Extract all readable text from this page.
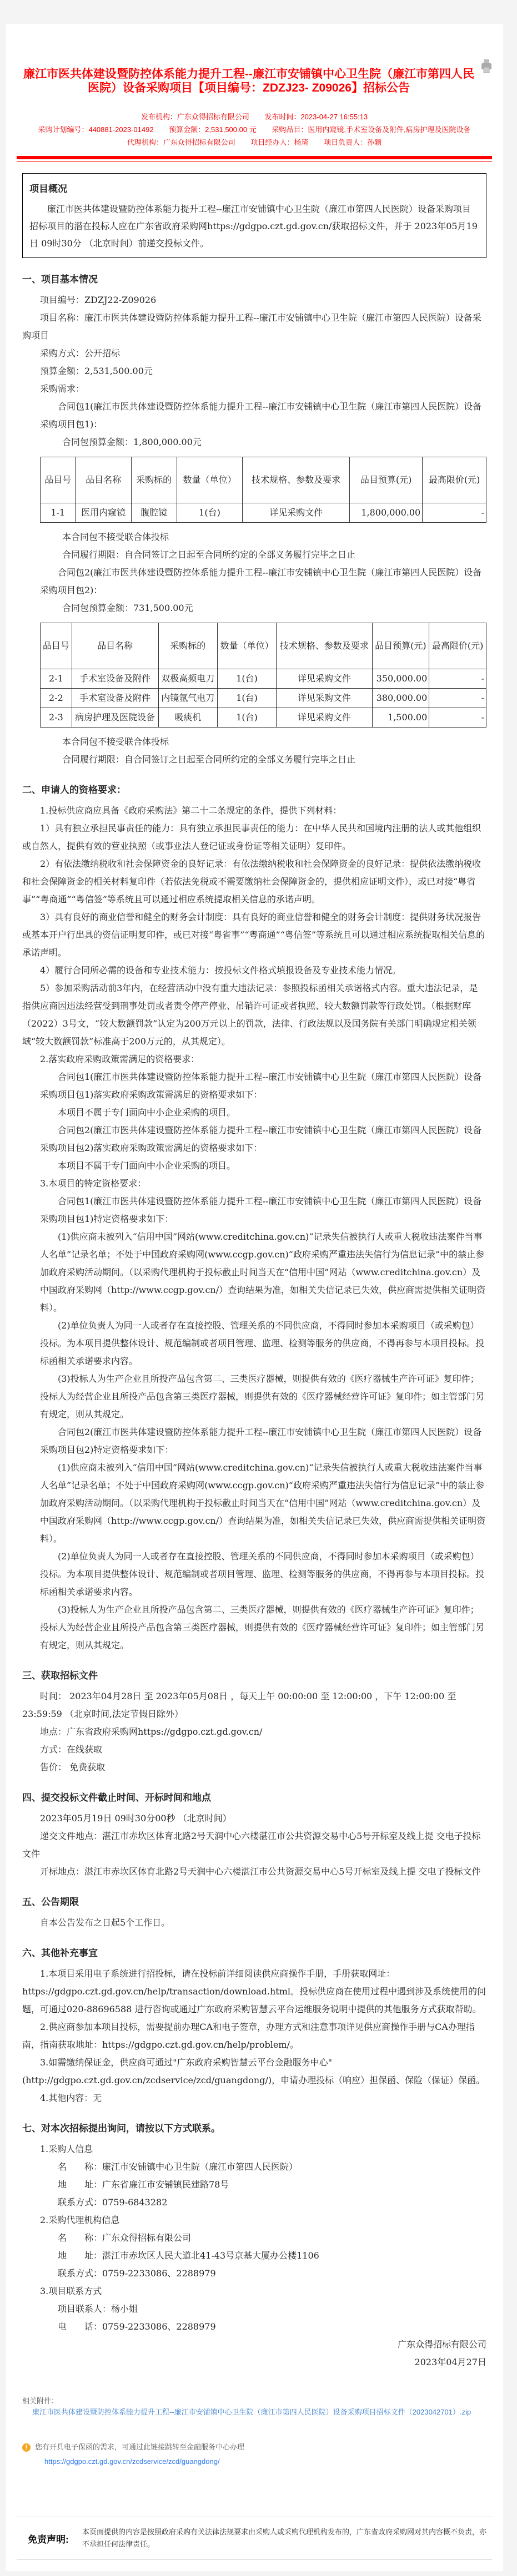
廉江市医共体建设暨防控体系能力提升工程--廉江市安铺镇中心卫生院（廉江市第四人民医院）设备采购项目【项目编号：ZDZJ23- Z09026】招标公告
发布机构：广东众得招标有限公司 发布时间：2023-04-27 16:55:13
采购计划编号：440881-2023-01492 预算金额：2,531,500.00 元 采购品目：医用内窥镜,手术室设备及附件,病房护理及医院设备
代理机构：广东众得招标有限公司 项目经办人：杨琦 项目负责人：孙颖
项目概况

廉江市医共体建设暨防控体系能力提升工程--廉江市安铺镇中心卫生院（廉江市第四人民医院）设备采购项目招标项目的潜在投标人应在广东省政府采购网https://gdgpo.czt.gd.gov.cn/获取招标文件，并于 2023年05月19日 09时30分 （北京时间）前递交投标文件。

一、项目基本情况

项目编号：ZDZJ22-Z09026

项目名称：廉江市医共体建设暨防控体系能力提升工程--廉江市安铺镇中心卫生院（廉江市第四人民医院）设备采购项目

采购方式：公开招标

预算金额：2,531,500.00元

采购需求：

合同包1(廉江市医共体建设暨防控体系能力提升工程--廉江市安铺镇中心卫生院（廉江市第四人民医院）设备采购项目包1)：

合同包预算金额：1,800,000.00元

品目号	品目名称	采购标的	数量（单位）	技术规格、参数及要求	品目预算(元)	最高限价(元)
1-1	医用内窥镜	腹腔镜	1(台)	详见采购文件	1,800,000.00	-

本合同包不接受联合体投标

合同履行期限：自合同签订之日起至合同所约定的全部义务履行完毕之日止

合同包2(廉江市医共体建设暨防控体系能力提升工程--廉江市安铺镇中心卫生院（廉江市第四人民医院）设备采购项目包2)：

合同包预算金额：731,500.00元

品目号	品目名称	采购标的	数量（单位）	技术规格、参数及要求	品目预算(元)	最高限价(元)
2-1	手术室设备及附件	双极高频电刀	1(台)	详见采购文件	350,000.00	-
2-2	手术室设备及附件	内镜氩气电刀	1(台)	详见采购文件	380,000.00	-
2-3	病房护理及医院设备	吸痰机	1(台)	详见采购文件	1,500.00	-

本合同包不接受联合体投标

合同履行期限：自合同签订之日起至合同所约定的全部义务履行完毕之日止

二、申请人的资格要求：

1.投标供应商应具备《政府采购法》第二十二条规定的条件，提供下列材料：

1）具有独立承担民事责任的能力：具有独立承担民事责任的能力：在中华人民共和国境内注册的法人或其他组织或自然人，提供有效的营业执照（或事业法人登记证或身份证等相关证明）复印件。

2）有依法缴纳税收和社会保障资金的良好记录：有依法缴纳税收和社会保障资金的良好记录：提供依法缴纳税收和社会保障资金的相关材料复印件（若依法免税或不需要缴纳社会保障资金的，提供相应证明文件），或已对接“粤省事”“粤商通”“粤信签”等系统且可以通过相应系统提取相关信息的承诺声明。

3）具有良好的商业信誉和健全的财务会计制度：具有良好的商业信誉和健全的财务会计制度：提供财务状况报告或基本开户行出具的资信证明复印件，或已对接“粤省事”“粤商通”“粤信签”等系统且可以通过相应系统提取相关信息的承诺声明。

4）履行合同所必需的设备和专业技术能力：按投标文件格式填报设备及专业技术能力情况。

5）参加采购活动前3年内，在经营活动中没有重大违法记录：参照投标函相关承诺格式内容。重大违法记录，是指供应商因违法经营受到刑事处罚或者责令停产停业、吊销许可证或者执照、较大数额罚款等行政处罚。（根据财库（2022）3号文，“较大数额罚款”认定为200万元以上的罚款，法律、行政法规以及国务院有关部门明确规定相关领域“较大数额罚款”标准高于200万元的，从其规定）。

2.落实政府采购政策需满足的资格要求：

合同包1(廉江市医共体建设暨防控体系能力提升工程--廉江市安铺镇中心卫生院（廉江市第四人民医院）设备采购项目包1)落实政府采购政策需满足的资格要求如下：

本项目不属于专门面向中小企业采购的项目。

合同包2(廉江市医共体建设暨防控体系能力提升工程--廉江市安铺镇中心卫生院（廉江市第四人民医院）设备采购项目包2)落实政府采购政策需满足的资格要求如下：

本项目不属于专门面向中小企业采购的项目。

3.本项目的特定资格要求：

合同包1(廉江市医共体建设暨防控体系能力提升工程--廉江市安铺镇中心卫生院（廉江市第四人民医院）设备采购项目包1)特定资格要求如下：

(1)供应商未被列入“信用中国”网站(www.creditchina.gov.cn)“记录失信被执行人或重大税收违法案件当事人名单”记录名单；不处于中国政府采购网(www.ccgp.gov.cn)“政府采购严重违法失信行为信息记录”中的禁止参加政府采购活动期间。（以采购代理机构于投标截止时间当天在“信用中国”网站（www.creditchina.gov.cn）及中国政府采购网（http://www.ccgp.gov.cn/）查询结果为准，如相关失信记录已失效，供应商需提供相关证明资料）。

(2)单位负责人为同一人或者存在直接控股、管理关系的不同供应商，不得同时参加本采购项目（或采购包）投标。为本项目提供整体设计、规范编制或者项目管理、监理、检测等服务的供应商，不得再参与本项目投标。投标函相关承诺要求内容。

(3)投标人为生产企业且所投产品包含第二、三类医疗器械，则提供有效的《医疗器械生产许可证》复印件；投标人为经营企业且所投产品包含第三类医疗器械，则提供有效的《医疗器械经营许可证》复印件；如主管部门另有规定，则从其规定。

合同包2(廉江市医共体建设暨防控体系能力提升工程--廉江市安铺镇中心卫生院（廉江市第四人民医院）设备采购项目包2)特定资格要求如下：

(1)供应商未被列入“信用中国”网站(www.creditchina.gov.cn)“记录失信被执行人或重大税收违法案件当事人名单”记录名单；不处于中国政府采购网(www.ccgp.gov.cn)“政府采购严重违法失信行为信息记录”中的禁止参加政府采购活动期间。（以采购代理机构于投标截止时间当天在“信用中国”网站（www.creditchina.gov.cn）及中国政府采购网（http://www.ccgp.gov.cn/）查询结果为准，如相关失信记录已失效，供应商需提供相关证明资料）。

(2)单位负责人为同一人或者存在直接控股、管理关系的不同供应商，不得同时参加本采购项目（或采购包）投标。为本项目提供整体设计、规范编制或者项目管理、监理、检测等服务的供应商，不得再参与本项目投标。投标函相关承诺要求内容。

(3)投标人为生产企业且所投产品包含第二、三类医疗器械，则提供有效的《医疗器械生产许可证》复印件；投标人为经营企业且所投产品包含第三类医疗器械，则提供有效的《医疗器械经营许可证》复印件；如主管部门另有规定，则从其规定。

三、获取招标文件

时间： 2023年04月28日 至 2023年05月08日 ，每天上午 00:00:00 至 12:00:00 ，下午 12:00:00 至 23:59:59 （北京时间,法定节假日除外）

地点：广东省政府采购网https://gdgpo.czt.gd.gov.cn/

方式：在线获取

售价： 免费获取

四、提交投标文件截止时间、开标时间和地点

2023年05月19日 09时30分00秒 （北京时间）

递交文件地点：湛江市赤坎区体育北路2号天润中心六楼湛江市公共资源交易中心5号开标室及线上提 交电子投标文件

开标地点：湛江市赤坎区体育北路2号天润中心六楼湛江市公共资源交易中心5号开标室及线上提 交电子投标文件

五、公告期限

自本公告发布之日起5个工作日。

六、其他补充事宜

1.本项目采用电子系统进行招投标，请在投标前详细阅读供应商操作手册，手册获取网址：https://gdgpo.czt.gd.gov.cn/help/transaction/download.html。投标供应商在使用过程中遇到涉及系统使用的问题，可通过020-88696588 进行咨询或通过广东政府采购智慧云平台运维服务说明中提供的其他服务方式获取帮助。

2.供应商参加本项目投标，需要提前办理CA和电子签章，办理方式和注意事项详见供应商操作手册与CA办理指南，指南获取地址：https://gdgpo.czt.gd.gov.cn/help/problem/。

3.如需缴纳保证金，供应商可通过"广东政府采购智慧云平台金融服务中心"(http://gdgpo.czt.gd.gov.cn/zcdservice/zcd/guangdong/)，申请办理投标（响应）担保函、保险（保证）保函。

4.其他内容：无

七、对本次招标提出询问，请按以下方式联系。

1.采购人信息

名　　称：廉江市安铺镇中心卫生院（廉江市第四人民医院）

地　　址：广东省廉江市安铺镇民建路78号

联系方式：0759-6843282

2.采购代理机构信息

名　　称：广东众得招标有限公司

地　　址：湛江市赤坎区人民大道北41-43号京基大厦办公楼1106

联系方式：0759-2233086、2288979

3.项目联系方式

项目联系人：杨小姐

电　　话：0759-2233086、2288979

广东众得招标有限公司

2023年04月27日

相关附件：
廉江市医共体建设暨防控体系能力提升工程--廉江市安铺镇中心卫生院（廉江市第四人民医院）设备采购项目招标文件（2023042701）.zip
! 您有开具电子保函的需求，可通过此链接跳转至金融服务中心办理
https://gdgpo.czt.gd.gov.cn/zcdservice/zcd/guangdong/
免责声明:
本页面提供的内容是按照政府采购有关法律法规要求由采购人或采购代理机构发布的，广东省政府采购网对其内容概不负责，亦不承担任何法律责任。
